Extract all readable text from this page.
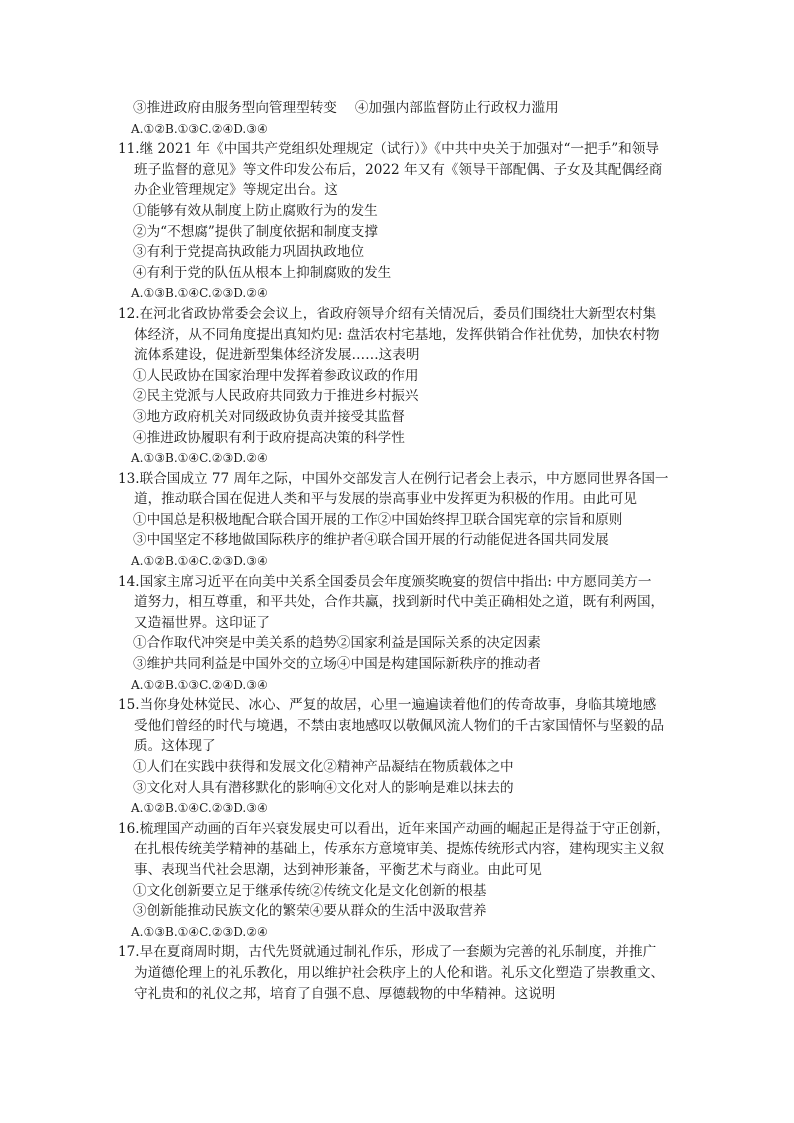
③推进政府由服务型向管理型转变　 ④加强内部监督防止行政权力滥用
A.①②B.①③C.②④D.③④
11.继 2021 年《中国共产党组织处理规定（试行）》《中共中央关于加强对“一把手”和领导
班子监督的意见》等文件印发公布后，2022 年又有《领导干部配偶、子女及其配偶经商
办企业管理规定》等规定出台。这
①能够有效从制度上防止腐败行为的发生
②为“不想腐”提供了制度依据和制度支撑
③有利于党提高执政能力巩固执政地位
④有利于党的队伍从根本上抑制腐败的发生
A.①③B.①④C.②③D.②④
12.在河北省政协常委会会议上，省政府领导介绍有关情况后，委员们围绕壮大新型农村集
体经济，从不同角度提出真知灼见: 盘活农村宅基地，发挥供销合作社优势，加快农村物
流体系建设，促进新型集体经济发展……这表明
①人民政协在国家治理中发挥着参政议政的作用
②民主党派与人民政府共同致力于推进乡村振兴
③地方政府机关对同级政协负责并接受其监督
④推进政协履职有利于政府提高决策的科学性
A.①③B.①④C.②③D.②④
13.联合国成立 77 周年之际，中国外交部发言人在例行记者会上表示，中方愿同世界各国一
道，推动联合国在促进人类和平与发展的崇高事业中发挥更为积极的作用。由此可见
①中国总是积极地配合联合国开展的工作②中国始终捍卫联合国宪章的宗旨和原则
③中国坚定不移地做国际秩序的维护者④联合国开展的行动能促进各国共同发展
A.①②B.①④C.②③D.③④
14.国家主席习近平在向美中关系全国委员会年度颁奖晚宴的贺信中指出: 中方愿同美方一
道努力，相互尊重，和平共处，合作共赢，找到新时代中美正确相处之道，既有利两国，
又造福世界。这印证了
①合作取代冲突是中美关系的趋势②国家利益是国际关系的决定因素
③维护共同利益是中国外交的立场④中国是构建国际新秩序的推动者
A.①②B.①③C.②④D.③④
15.当你身处林觉民、冰心、严复的故居，心里一遍遍读着他们的传奇故事，身临其境地感
受他们曾经的时代与境遇，不禁由衷地感叹以敬佩风流人物们的千古家国情怀与坚毅的品
质。这体现了
①人们在实践中获得和发展文化②精神产品凝结在物质载体之中
③文化对人具有潜移默化的影响④文化对人的影响是难以抹去的
A.①②B.①④C.②③D.③④
16.梳理国产动画的百年兴衰发展史可以看出，近年来国产动画的崛起正是得益于守正创新，
在扎根传统美学精神的基础上，传承东方意境审美、提炼传统形式内容，建构现实主义叙
事、表现当代社会思潮，达到神形兼备，平衡艺术与商业。由此可见
①文化创新要立足于继承传统②传统文化是文化创新的根基
③创新能推动民族文化的繁荣④要从群众的生活中汲取营养
A.①③B.①④C.②③D.②④
17.早在夏商周时期，古代先贤就通过制礼作乐，形成了一套颇为完善的礼乐制度，并推广
为道德伦理上的礼乐教化，用以维护社会秩序上的人伦和谐。礼乐文化塑造了崇教重文、
守礼贵和的礼仪之邦，培育了自强不息、厚德载物的中华精神。这说明
